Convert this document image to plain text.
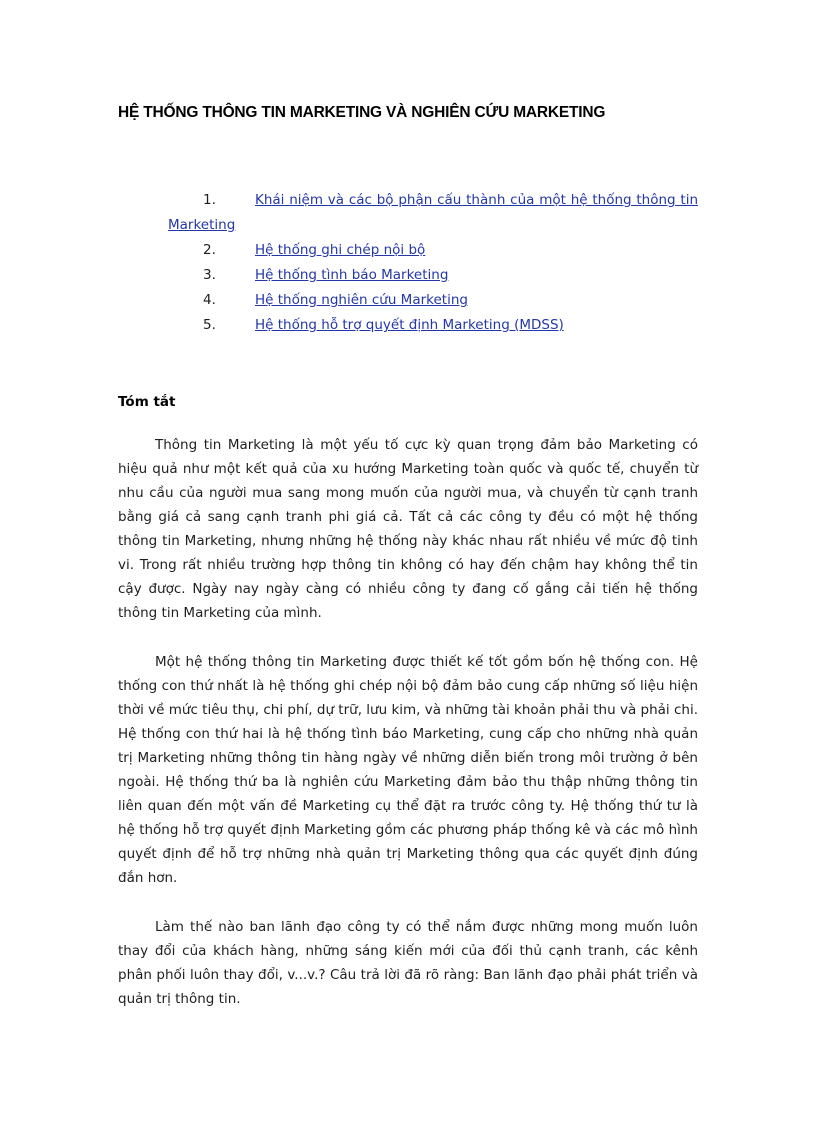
HỆ THỐNG THÔNG TIN MARKETING VÀ NGHIÊN CỨU MARKETING
1.	Khái niệm và các bộ phận cấu thành của một hệ thống thông tin Marketing
2.	Hệ thống ghi chép nội bộ
3.	Hệ thống tình báo Marketing
4.	Hệ thống nghiên cứu Marketing
5.	Hệ thống hỗ trợ quyết định Marketing (MDSS)
Tóm tắt

Thông tin Marketing là một yếu tố cực kỳ quan trọng đảm bảo Marketing có hiệu quả như một kết quả của xu hướng Marketing toàn quốc và quốc tế, chuyển từ nhu cầu của người mua sang mong muốn của người mua, và chuyển từ cạnh tranh bằng giá cả sang cạnh tranh phi giá cả. Tất cả các công ty đều có một hệ thống thông tin Marketing, nhưng những hệ thống này khác nhau rất nhiều về mức độ tinh vi. Trong rất nhiều trường hợp thông tin không có hay đến chậm hay không thể tin cậy được. Ngày nay ngày càng có nhiều công ty đang cố gắng cải tiến hệ thống thông tin Marketing của mình.

Một hệ thống thông tin Marketing được thiết kế tốt gồm bốn hệ thống con. Hệ thống con thứ nhất là hệ thống ghi chép nội bộ đảm bảo cung cấp những số liệu hiện thời về mức tiêu thụ, chi phí, dự trữ, lưu kim, và những tài khoản phải thu và phải chi. Hệ thống con thứ hai là hệ thống tình báo Marketing, cung cấp cho những nhà quản trị Marketing những thông tin hàng ngày về những diễn biến trong môi trường ở bên ngoài. Hệ thống thứ ba là nghiên cứu Marketing đảm bảo thu thập những thông tin liên quan đến một vấn đề Marketing cụ thể đặt ra trước công ty. Hệ thống thứ tư là hệ thống hỗ trợ quyết định Marketing gồm các phương pháp thống kê và các mô hình quyết định để hỗ trợ những nhà quản trị Marketing thông qua các quyết định đúng đắn hơn.

Làm thế nào ban lãnh đạo công ty có thể nắm được những mong muốn luôn thay đổi của khách hàng, những sáng kiến mới của đối thủ cạnh tranh, các kênh phân phối luôn thay đổi, v...v.? Câu trả lời đã rõ ràng: Ban lãnh đạo phải phát triển và quản trị thông tin.
